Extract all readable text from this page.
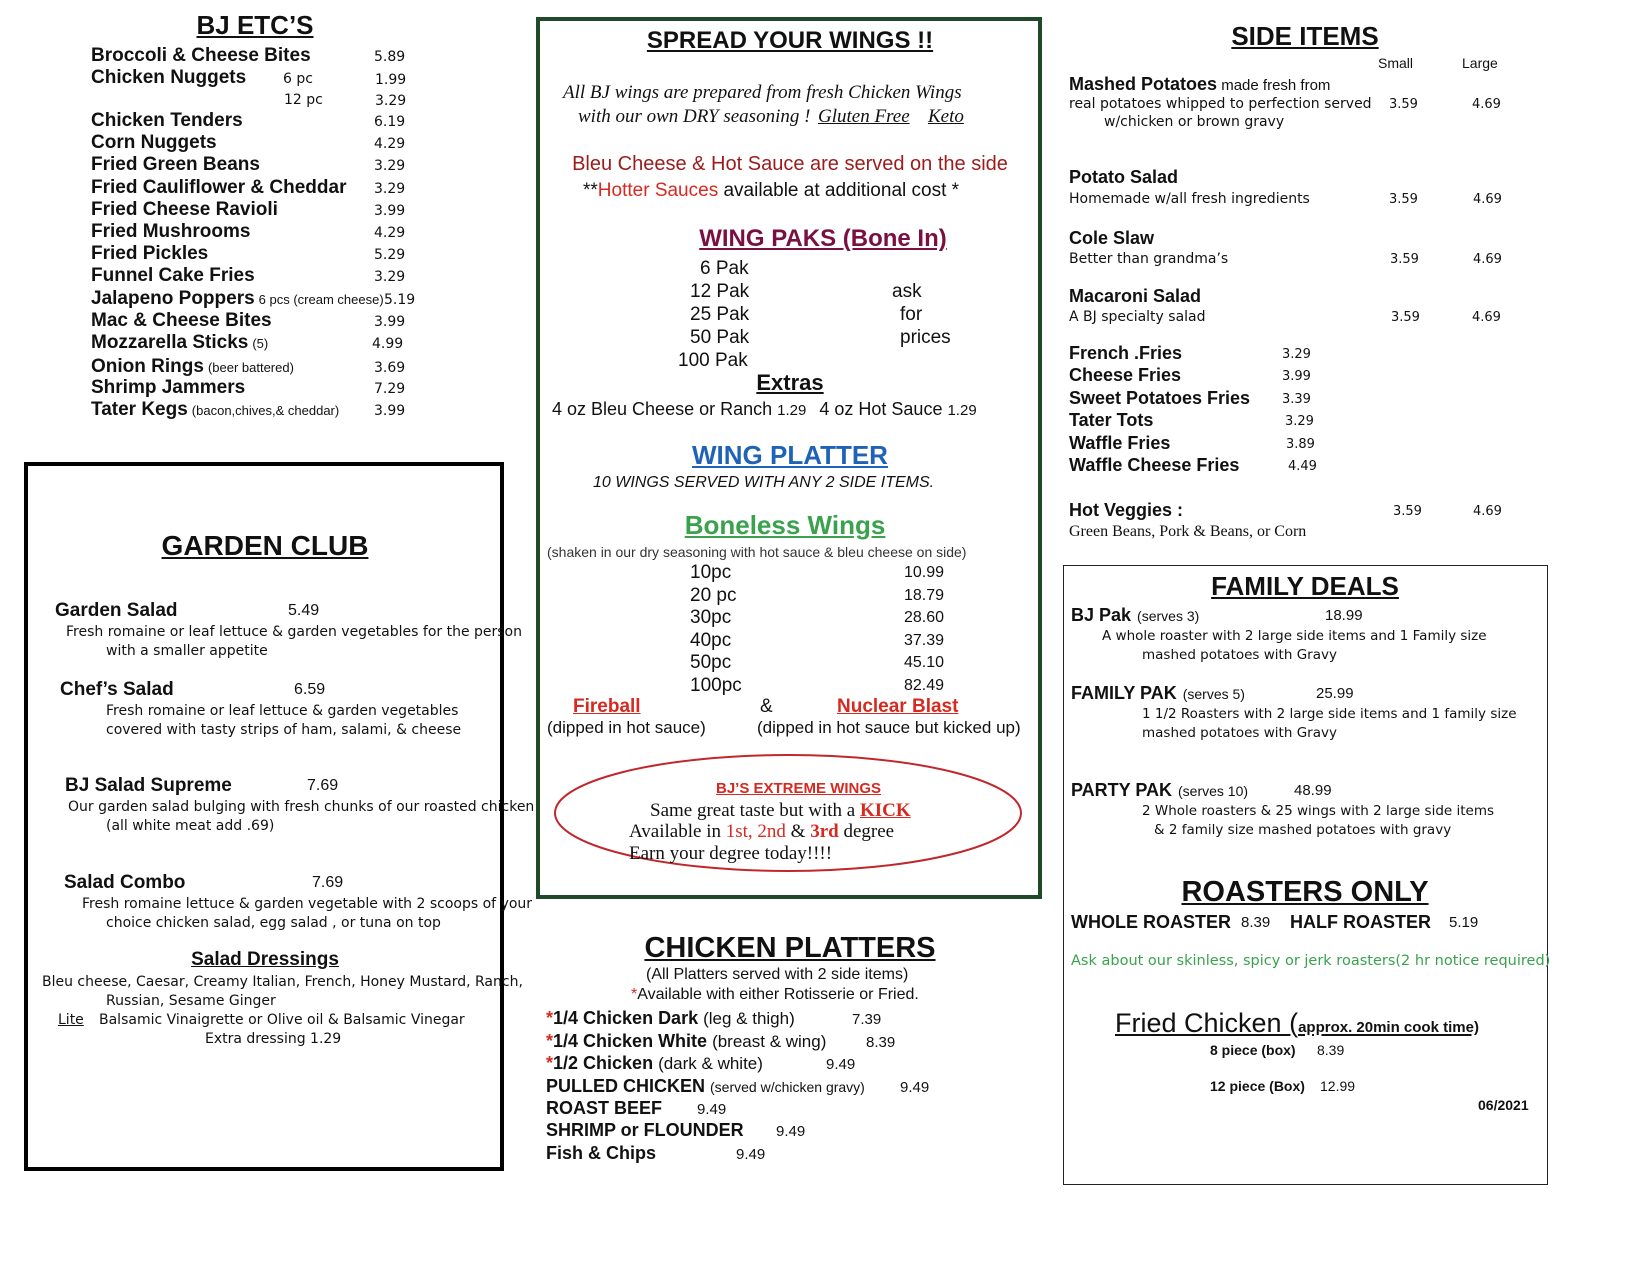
BJ ETC’S
Broccoli & Cheese Bites	5.89
Chicken Nuggets	6 pc	1.99
12 pc	3.29
Chicken Tenders	6.19
Corn Nuggets	4.29
Fried Green Beans	3.29
Fried Cauliflower & Cheddar 3.29
Fried Cheese Ravioli	3.99
Fried Mushrooms	4.29
Fried Pickles	5.29
Funnel Cake Fries	3.29
Jalapeno Poppers 6 pcs (cream cheese) 5.19
Mac & Cheese Bites	3.99
Mozzarella Sticks (5)	4.99
Onion Rings (beer battered)	3.69
Shrimp Jammers	7.29
Tater Kegs (bacon,chives,& cheddar) 3.99
GARDEN CLUB
Garden Salad	5.49
Fresh romaine or leaf lettuce & garden vegetables for the person
with a smaller appetite
Chef’s Salad	6.59
Fresh romaine or leaf lettuce & garden vegetables
covered with tasty strips of ham, salami, & cheese
BJ Salad Supreme	7.69
Our garden salad bulging with fresh chunks of our roasted chicken
(all white meat add .69)
Salad Combo	7.69
Fresh romaine lettuce & garden vegetable with 2 scoops of your
choice chicken salad, egg salad , or tuna on top
Salad Dressings
Bleu cheese, Caesar, Creamy Italian, French, Honey Mustard, Ranch,
Russian, Sesame Ginger
Lite Balsamic Vinaigrette or Olive oil & Balsamic Vinegar
Extra dressing 1.29
SPREAD YOUR WINGS !!
All BJ wings are prepared from fresh Chicken Wings
with our own DRY seasoning ! Gluten Free Keto
Bleu Cheese & Hot Sauce are served on the side
**Hotter Sauces available at additional cost *
WING PAKS (Bone In)
6 Pak
12 Pak
25 Pak
50 Pak
100 Pak
ask
for
prices
Extras
4 oz Bleu Cheese or Ranch 1.29 4 oz Hot Sauce 1.29
WING PLATTER
10 WINGS SERVED WITH ANY 2 SIDE ITEMS.
Boneless Wings
(shaken in our dry seasoning with hot sauce & bleu cheese on side)
10pc	10.99
20 pc	18.79
30pc	28.60
40pc	37.39
50pc	45.10
100pc	82.49
Fireball	&	Nuclear Blast
(dipped in hot sauce)	(dipped in hot sauce but kicked up)
BJ’S EXTREME WINGS
Same great taste but with a KICK
Available in 1st, 2nd & 3rd degree
Earn your degree today!!!!
CHICKEN PLATTERS
(All Platters served with 2 side items)
*Available with either Rotisserie or Fried.
*1/4 Chicken Dark (leg & thigh)	7.39
*1/4 Chicken White (breast & wing)	8.39
*1/2 Chicken (dark & white)	9.49
PULLED CHICKEN (served w/chicken gravy) 9.49
ROAST BEEF 9.49
SHRIMP or FLOUNDER 9.49
Fish & Chips	9.49
SIDE ITEMS
Small	Large
Mashed Potatoes made fresh from
real potatoes whipped to perfection served
w/chicken or brown gravy
3.59	4.69
Potato Salad
Homemade w/all fresh ingredients	3.59	4.69
Cole Slaw
Better than grandma’s	3.59	4.69
Macaroni Salad
A BJ specialty salad	3.59	4.69
French .Fries	3.29
Cheese Fries	3.99
Sweet Potatoes Fries 3.39
Tater Tots	3.29
Waffle Fries	3.89
Waffle Cheese Fries	4.49
Hot Veggies :
Green Beans, Pork & Beans, or Corn
3.59	4.69
FAMILY DEALS
BJ Pak (serves 3)	18.99
A whole roaster with 2 large side items and 1 Family size
mashed potatoes with Gravy
FAMILY PAK (serves 5)	25.99
1 1/2 Roasters with 2 large side items and 1 family size
mashed potatoes with Gravy
PARTY PAK (serves 10)	48.99
2 Whole roasters & 25 wings with 2 large side items
& 2 family size mashed potatoes with gravy
ROASTERS ONLY
WHOLE ROASTER 8.39 HALF ROASTER 5.19
Ask about our skinless, spicy or jerk roasters(2 hr notice required)
Fried Chicken (approx. 20min cook time)
8 piece (box) 8.39
12 piece (Box) 12.99
06/2021
